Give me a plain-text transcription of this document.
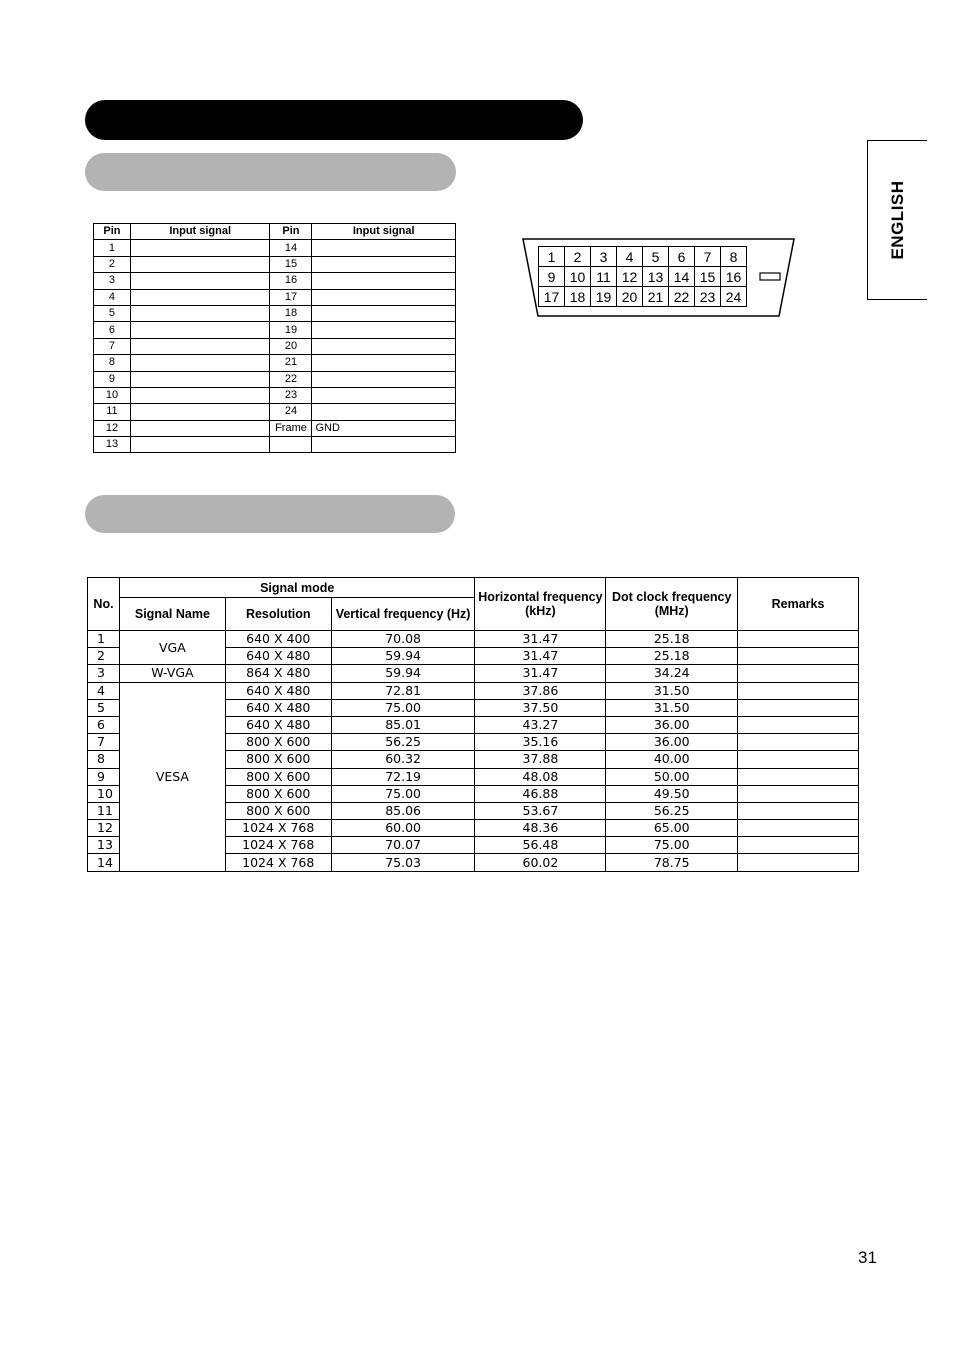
ENGLISH
Pin	Input signal	Pin	Input signal
1		14	
2		15	
3		16	
4		17	
5		18	
6		19	
7		20	
8		21	
9		22	
10		23	
11		24	
12		Frame	GND
13			
1	2	3	4	5	6	7	8
9	10	11	12	13	14	15	16
17	18	19	20	21	22	23	24
No.	Signal mode			Horizontal frequency (kHz)	Dot clock frequency (MHz)	Remarks
	Signal Name	Resolution	Vertical frequency (Hz)			
1	VGA	640 X 400	70.08	31.47	25.18	
2		640 X 480	59.94	31.47	25.18	
3	W-VGA	864 X 480	59.94	31.47	34.24	
4	VESA	640 X 480	72.81	37.86	31.50	
5		640 X 480	75.00	37.50	31.50	
6		640 X 480	85.01	43.27	36.00	
7		800 X 600	56.25	35.16	36.00	
8		800 X 600	60.32	37.88	40.00	
9		800 X 600	72.19	48.08	50.00	
10		800 X 600	75.00	46.88	49.50	
11		800 X 600	85.06	53.67	56.25	
12		1024 X 768	60.00	48.36	65.00	
13		1024 X 768	70.07	56.48	75.00	
14		1024 X 768	75.03	60.02	78.75	
31
